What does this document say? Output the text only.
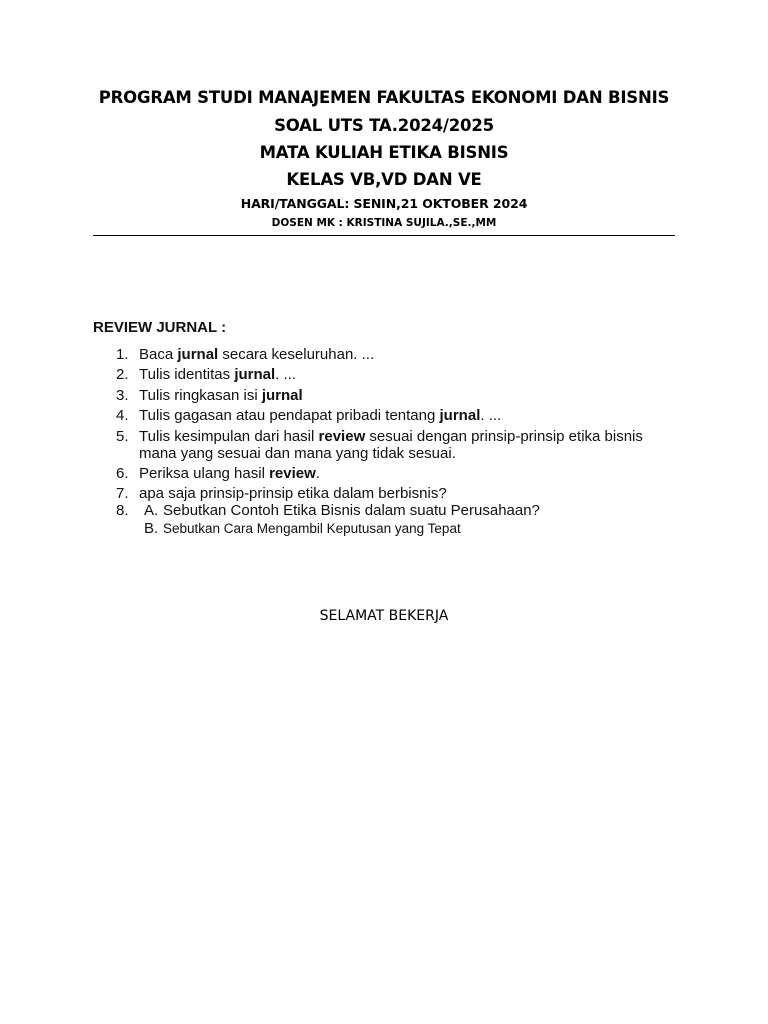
PROGRAM STUDI MANAJEMEN FAKULTAS EKONOMI DAN BISNIS
SOAL UTS TA.2024/2025
MATA KULIAH ETIKA BISNIS
KELAS VB,VD DAN VE
HARI/TANGGAL: SENIN,21 OKTOBER 2024
DOSEN MK : KRISTINA SUJILA.,SE.,MM
REVIEW JURNAL :
1. Baca jurnal secara keseluruhan. ...
2. Tulis identitas jurnal. ...
3. Tulis ringkasan isi jurnal
4. Tulis gagasan atau pendapat pribadi tentang jurnal. ...
5. Tulis kesimpulan dari hasil review sesuai dengan prinsip-prinsip etika bisnis mana yang sesuai dan mana yang tidak sesuai.
6. Periksa ulang hasil review.
7. apa saja prinsip-prinsip etika dalam berbisnis?
8. A. Sebutkan Contoh Etika Bisnis dalam suatu Perusahaan?
B. Sebutkan Cara Mengambil Keputusan yang Tepat
SELAMAT BEKERJA
